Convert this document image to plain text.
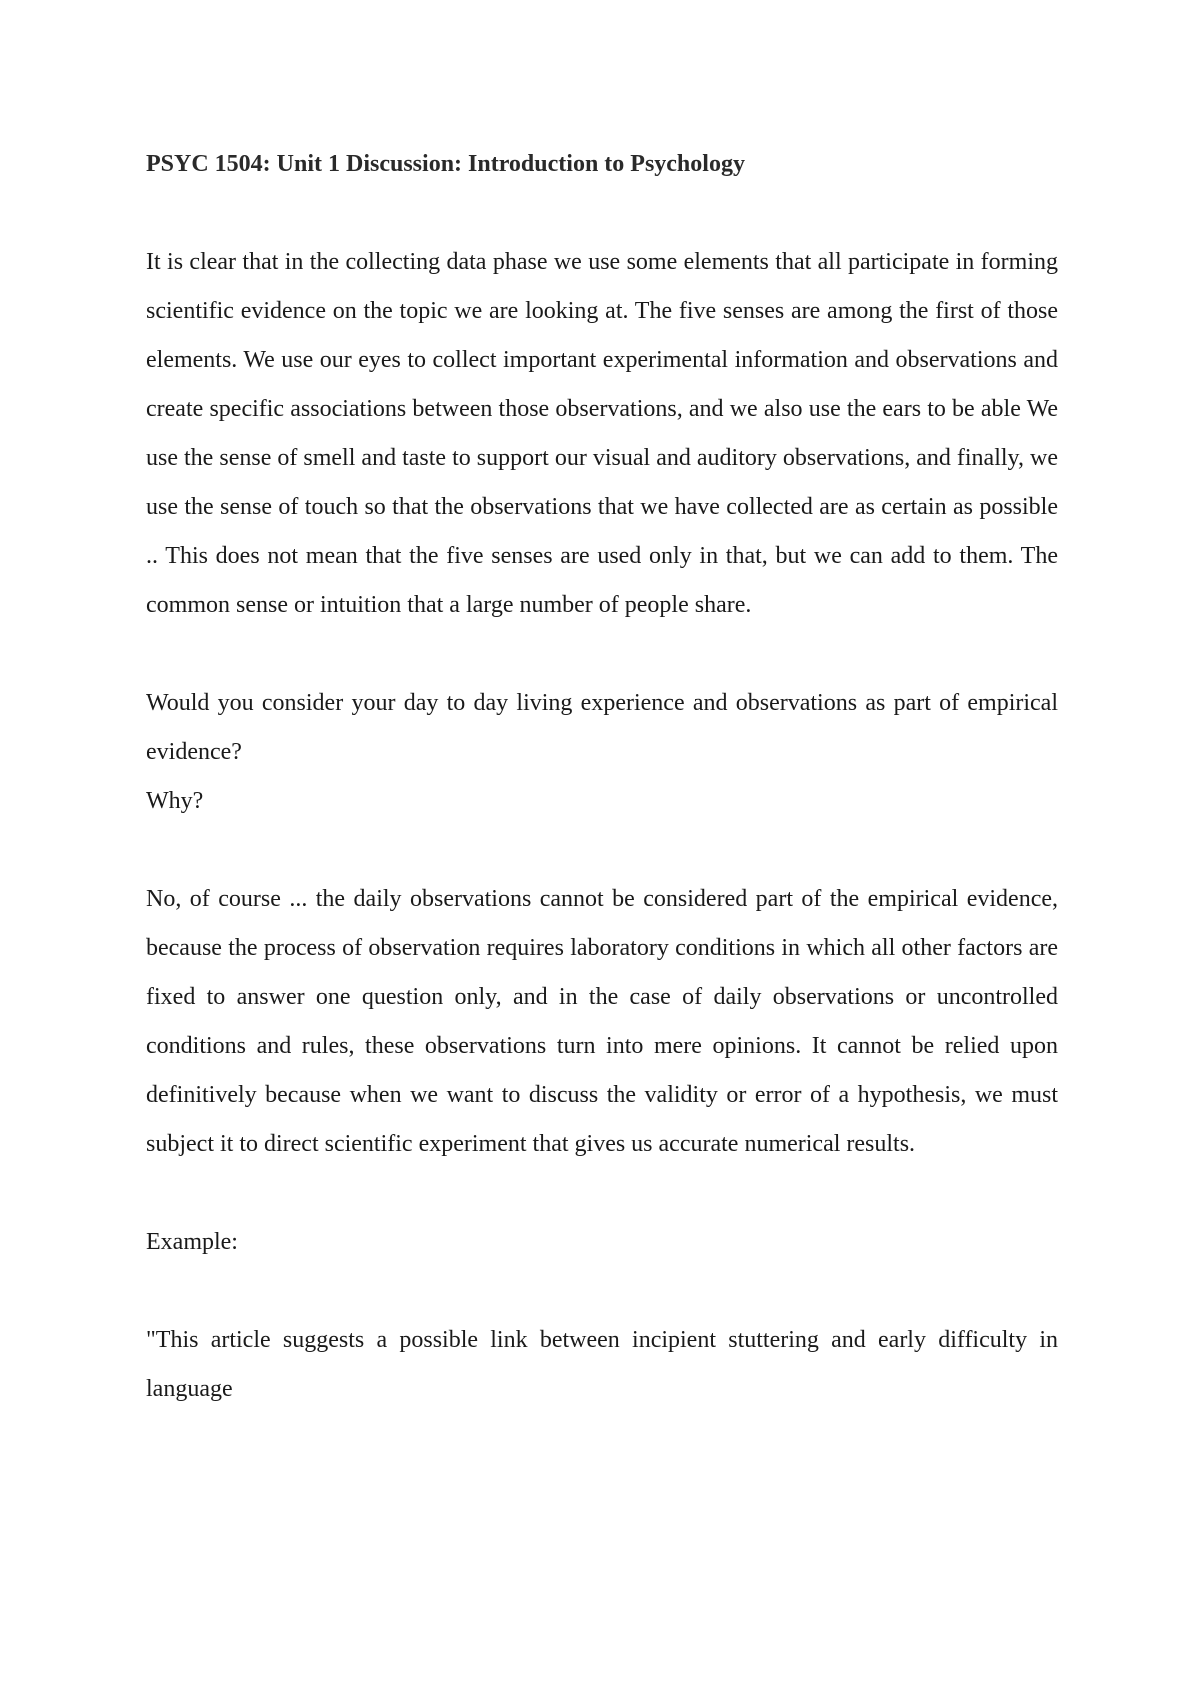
PSYC 1504: Unit 1 Discussion: Introduction to Psychology

It is clear that in the collecting data phase we use some elements that all participate in forming scientific evidence on the topic we are looking at. The five senses are among the first of those elements. We use our eyes to collect important experimental information and observations and create specific associations between those observations, and we also use the ears to be able We use the sense of smell and taste to support our visual and auditory observations, and finally, we use the sense of touch so that the observations that we have collected are as certain as possible .. This does not mean that the five senses are used only in that, but we can add to them. The common sense or intuition that a large number of people share.

Would you consider your day to day living experience and observations as part of empirical evidence?

Why?

No, of course ... the daily observations cannot be considered part of the empirical evidence, because the process of observation requires laboratory conditions in which all other factors are fixed to answer one question only, and in the case of daily observations or uncontrolled conditions and rules, these observations turn into mere opinions. It cannot be relied upon definitively because when we want to discuss the validity or error of a hypothesis, we must subject it to direct scientific experiment that gives us accurate numerical results.

Example:

"This article suggests a possible link between incipient stuttering and early difficulty in language
